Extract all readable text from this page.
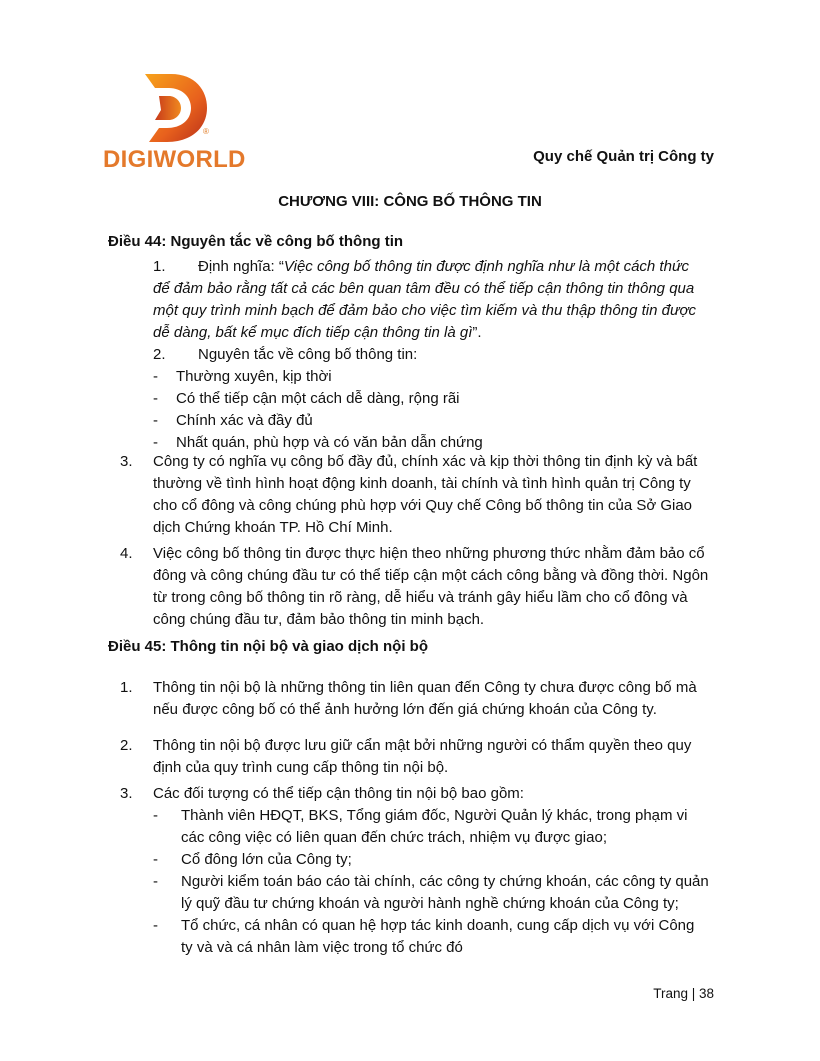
®
DIGIWORLD	Quy chế Quản trị Công ty
CHƯƠNG VIII: CÔNG BỐ THÔNG TIN
Điều 44: Nguyên tắc về công bố thông tin
1. Định nghĩa: “Việc công bố thông tin được định nghĩa như là một cách thức
để đảm bảo rằng tất cả các bên quan tâm đều có thể tiếp cận thông tin thông qua
một quy trình minh bạch để đảm bảo cho việc tìm kiếm và thu thập thông tin được
dễ dàng, bất kể mục đích tiếp cận thông tin là gì”.
2. Nguyên tắc về công bố thông tin:
- Thường xuyên, kịp thời
- Có thể tiếp cận một cách dễ dàng, rộng rãi
- Chính xác và đầy đủ
- Nhất quán, phù hợp và có văn bản dẫn chứng
3. Công ty có nghĩa vụ công bố đầy đủ, chính xác và kịp thời thông tin định kỳ và bất
thường về tình hình hoạt động kinh doanh, tài chính và tình hình quản trị Công ty
cho cổ đông và công chúng phù hợp với Quy chế Công bố thông tin của Sở Giao
dịch Chứng khoán TP. Hồ Chí Minh.
4. Việc công bố thông tin được thực hiện theo những phương thức nhằm đảm bảo cổ
đông và công chúng đầu tư có thể tiếp cận một cách công bằng và đồng thời. Ngôn
từ trong công bố thông tin rõ ràng, dễ hiểu và tránh gây hiểu lầm cho cổ đông và
công chúng đầu tư, đảm bảo thông tin minh bạch.
Điều 45: Thông tin nội bộ và giao dịch nội bộ
1. Thông tin nội bộ là những thông tin liên quan đến Công ty chưa được công bố mà
nếu được công bố có thể ảnh hưởng lớn đến giá chứng khoán của Công ty.
2. Thông tin nội bộ được lưu giữ cẩn mật bởi những người có thẩm quyền theo quy
định của quy trình cung cấp thông tin nội bộ.
3. Các đối tượng có thể tiếp cận thông tin nội bộ bao gồm:
- Thành viên HĐQT, BKS, Tổng giám đốc, Người Quản lý khác, trong phạm vi
các công việc có liên quan đến chức trách, nhiệm vụ được giao;
- Cổ đông lớn của Công ty;
- Người kiểm toán báo cáo tài chính, các công ty chứng khoán, các công ty quản
lý quỹ đầu tư chứng khoán và người hành nghề chứng khoán của Công ty;
- Tổ chức, cá nhân có quan hệ hợp tác kinh doanh, cung cấp dịch vụ với Công
ty và và cá nhân làm việc trong tổ chức đó
Trang | 38
